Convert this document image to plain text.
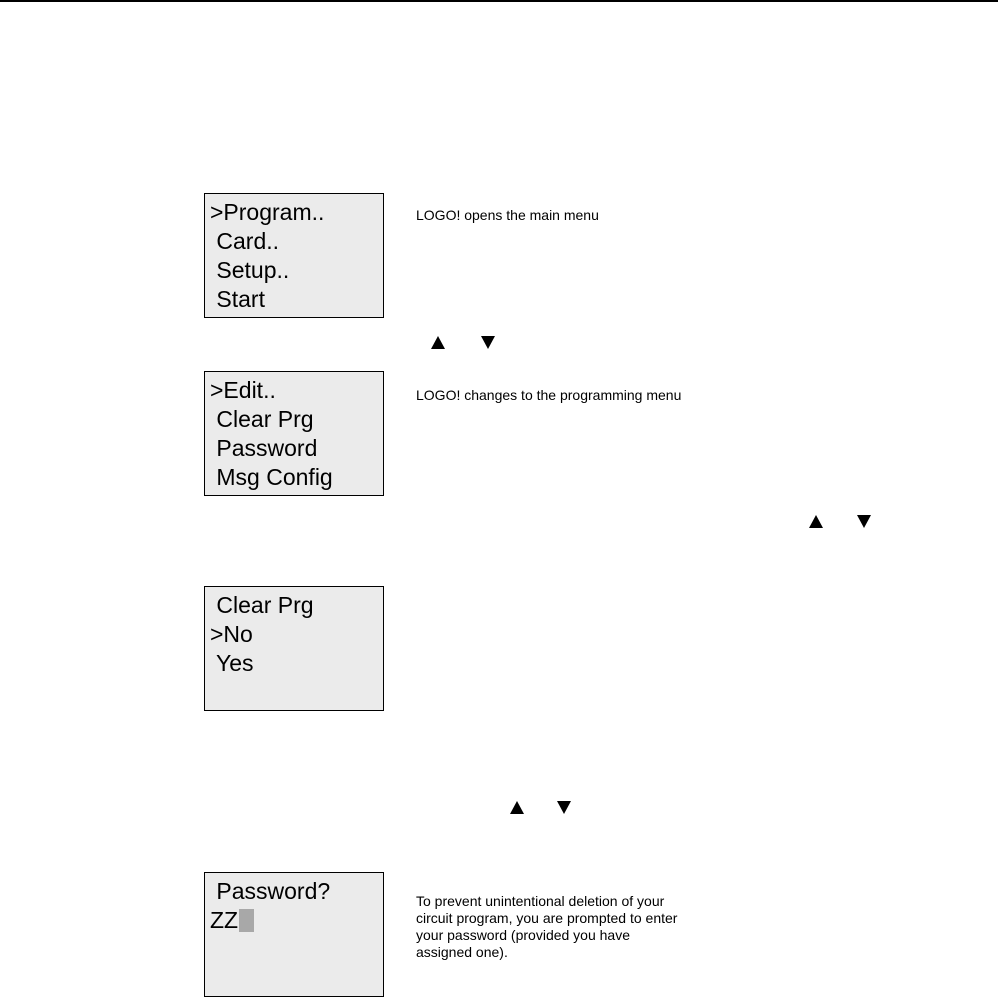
>Program..
Card..
Setup..
Start
LOGO! opens the main menu
>Edit..
Clear Prg
Password
Msg Config
LOGO! changes to the programming menu
Clear Prg
>No
Yes
Password?
ZZ
To prevent unintentional deletion of your
circuit program, you are prompted to enter
your password (provided you have
assigned one).
